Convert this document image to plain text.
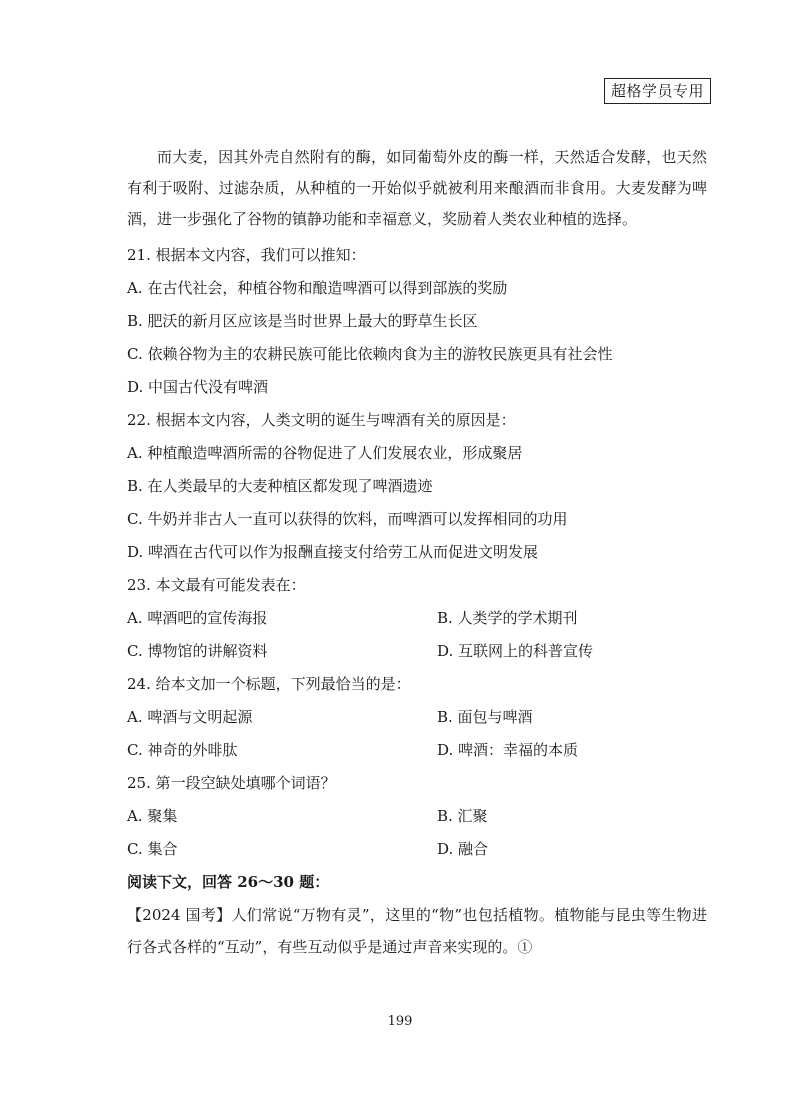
超格学员专用

而大麦，因其外壳自然附有的酶，如同葡萄外皮的酶一样，天然适合发酵，也天然有利于吸附、过滤杂质，从种植的一开始似乎就被利用来酿酒而非食用。大麦发酵为啤酒，进一步强化了谷物的镇静功能和幸福意义，奖励着人类农业种植的选择。

21. 根据本文内容，我们可以推知：
A. 在古代社会，种植谷物和酿造啤酒可以得到部族的奖励
B. 肥沃的新月区应该是当时世界上最大的野草生长区
C. 依赖谷物为主的农耕民族可能比依赖肉食为主的游牧民族更具有社会性
D. 中国古代没有啤酒
22. 根据本文内容，人类文明的诞生与啤酒有关的原因是：
A. 种植酿造啤酒所需的谷物促进了人们发展农业，形成聚居
B. 在人类最早的大麦种植区都发现了啤酒遗迹
C. 牛奶并非古人一直可以获得的饮料，而啤酒可以发挥相同的功用
D. 啤酒在古代可以作为报酬直接支付给劳工从而促进文明发展
23. 本文最有可能发表在：
A. 啤酒吧的宣传海报	B. 人类学的学术期刊
C. 博物馆的讲解资料	D. 互联网上的科普宣传
24. 给本文加一个标题，下列最恰当的是：
A. 啤酒与文明起源	B. 面包与啤酒
C. 神奇的外啡肽	D. 啤酒：幸福的本质
25. 第一段空缺处填哪个词语？
A. 聚集	B. 汇聚
C. 集合	D. 融合
阅读下文，回答 26～30 题：

【2024 国考】人们常说“万物有灵”，这里的“物”也包括植物。植物能与昆虫等生物进行各式各样的“互动”，有些互动似乎是通过声音来实现的。①

199
